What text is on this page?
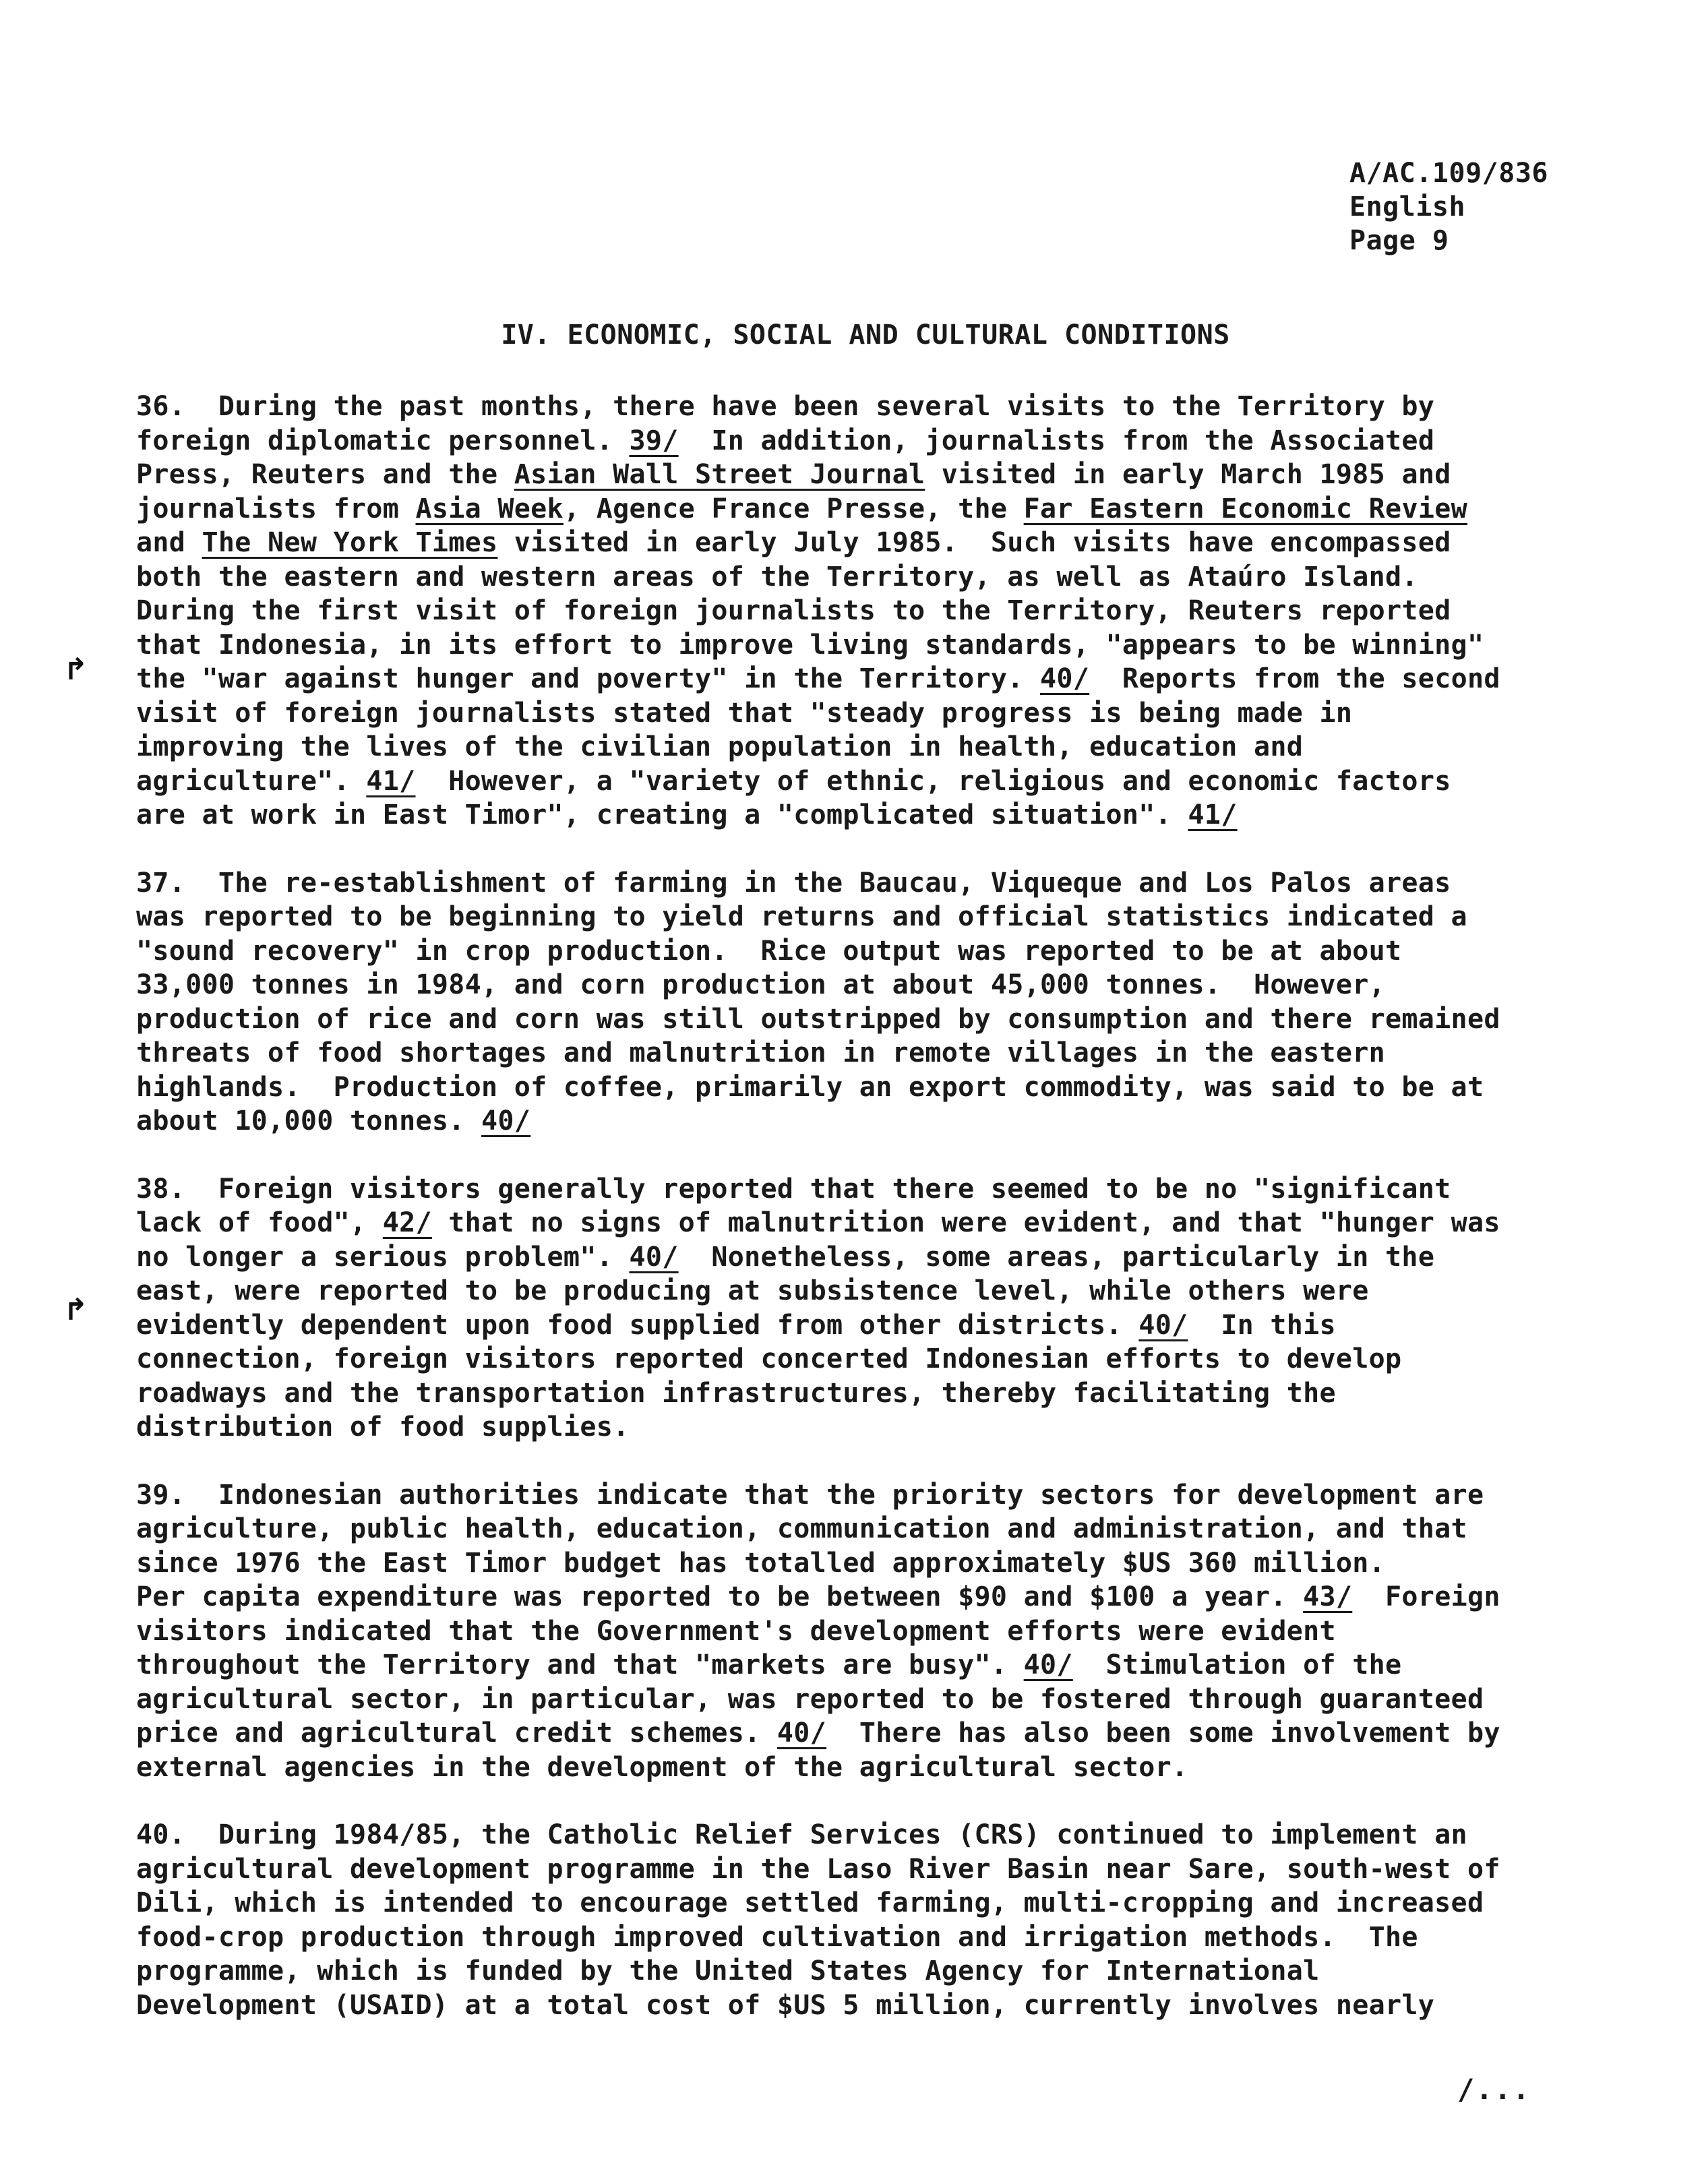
A/AC.109/836
English
Page 9
IV. ECONOMIC, SOCIAL AND CULTURAL CONDITIONS
36.  During the past months, there have been several visits to the Territory by
foreign diplomatic personnel. 39/  In addition, journalists from the Associated
Press, Reuters and the Asian Wall Street Journal visited in early March 1985 and
journalists from Asia Week, Agence France Presse, the Far Eastern Economic Review
and The New York Times visited in early July 1985.  Such visits have encompassed
both the eastern and western areas of the Territory, as well as Ataúro Island.
During the first visit of foreign journalists to the Territory, Reuters reported
that Indonesia, in its effort to improve living standards, "appears to be winning"
the "war against hunger and poverty" in the Territory. 40/  Reports from the second
visit of foreign journalists stated that "steady progress is being made in
improving the lives of the civilian population in health, education and
agriculture". 41/  However, a "variety of ethnic, religious and economic factors
are at work in East Timor", creating a "complicated situation". 41/
37.  The re-establishment of farming in the Baucau, Viqueque and Los Palos areas
was reported to be beginning to yield returns and official statistics indicated a
"sound recovery" in crop production.  Rice output was reported to be at about
33,000 tonnes in 1984, and corn production at about 45,000 tonnes.  However,
production of rice and corn was still outstripped by consumption and there remained
threats of food shortages and malnutrition in remote villages in the eastern
highlands.  Production of coffee, primarily an export commodity, was said to be at
about 10,000 tonnes. 40/
38.  Foreign visitors generally reported that there seemed to be no "significant
lack of food", 42/ that no signs of malnutrition were evident, and that "hunger was
no longer a serious problem". 40/  Nonetheless, some areas, particularly in the
east, were reported to be producing at subsistence level, while others were
evidently dependent upon food supplied from other districts. 40/  In this
connection, foreign visitors reported concerted Indonesian efforts to develop
roadways and the transportation infrastructures, thereby facilitating the
distribution of food supplies.
39.  Indonesian authorities indicate that the priority sectors for development are
agriculture, public health, education, communication and administration, and that
since 1976 the East Timor budget has totalled approximately $US 360 million.
Per capita expenditure was reported to be between $90 and $100 a year. 43/  Foreign
visitors indicated that the Government's development efforts were evident
throughout the Territory and that "markets are busy". 40/  Stimulation of the
agricultural sector, in particular, was reported to be fostered through guaranteed
price and agricultural credit schemes. 40/  There has also been some involvement by
external agencies in the development of the agricultural sector.
40.  During 1984/85, the Catholic Relief Services (CRS) continued to implement an
agricultural development programme in the Laso River Basin near Sare, south-west of
Dili, which is intended to encourage settled farming, multi-cropping and increased
food-crop production through improved cultivation and irrigation methods.  The
programme, which is funded by the United States Agency for International
Development (USAID) at a total cost of $US 5 million, currently involves nearly
↱
↱
/...
